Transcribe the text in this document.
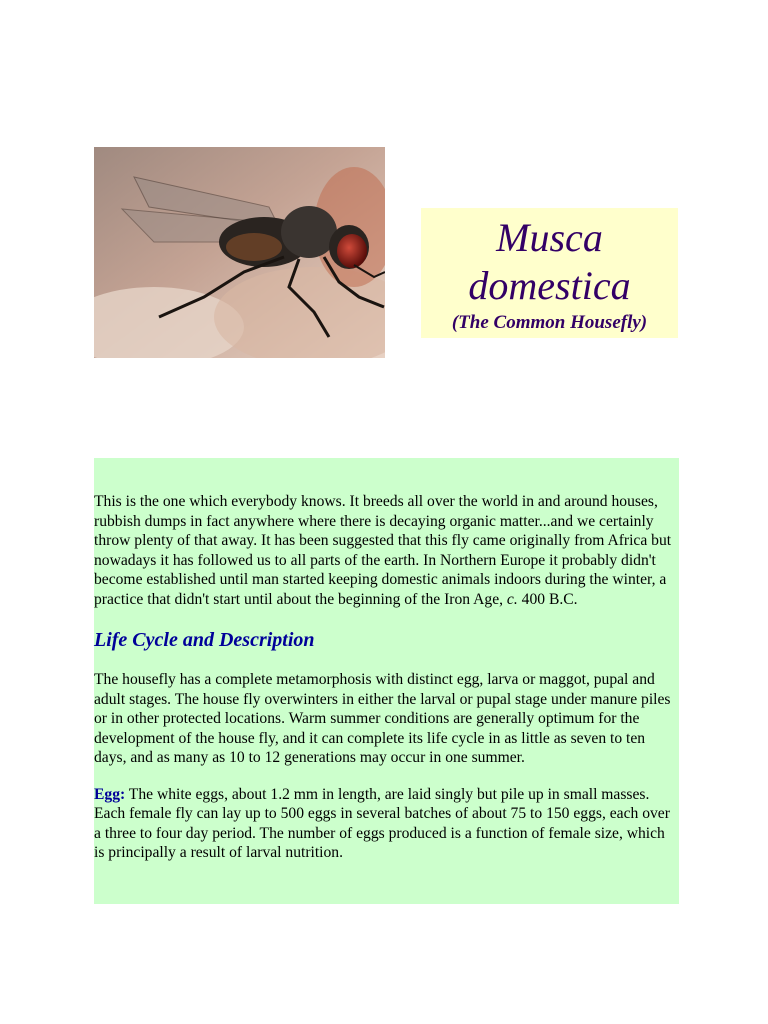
Musca
domestica
(The Common Housefly)

This is the one which everybody knows. It breeds all over the world in and around houses, rubbish dumps in fact anywhere where there is decaying organic matter...and we certainly throw plenty of that away. It has been suggested that this fly came originally from Africa but nowadays it has followed us to all parts of the earth. In Northern Europe it probably didn't become established until man started keeping domestic animals indoors during the winter, a practice that didn't start until about the beginning of the Iron Age, c. 400 B.C.

Life Cycle and Description

The housefly has a complete metamorphosis with distinct egg, larva or maggot, pupal and adult stages. The house fly overwinters in either the larval or pupal stage under manure piles or in other protected locations. Warm summer conditions are generally optimum for the development of the house fly, and it can complete its life cycle in as little as seven to ten days, and as many as 10 to 12 generations may occur in one summer.

Egg: The white eggs, about 1.2 mm in length, are laid singly but pile up in small masses. Each female fly can lay up to 500 eggs in several batches of about 75 to 150 eggs, each over a three to four day period. The number of eggs produced is a function of female size, which is principally a result of larval nutrition.
